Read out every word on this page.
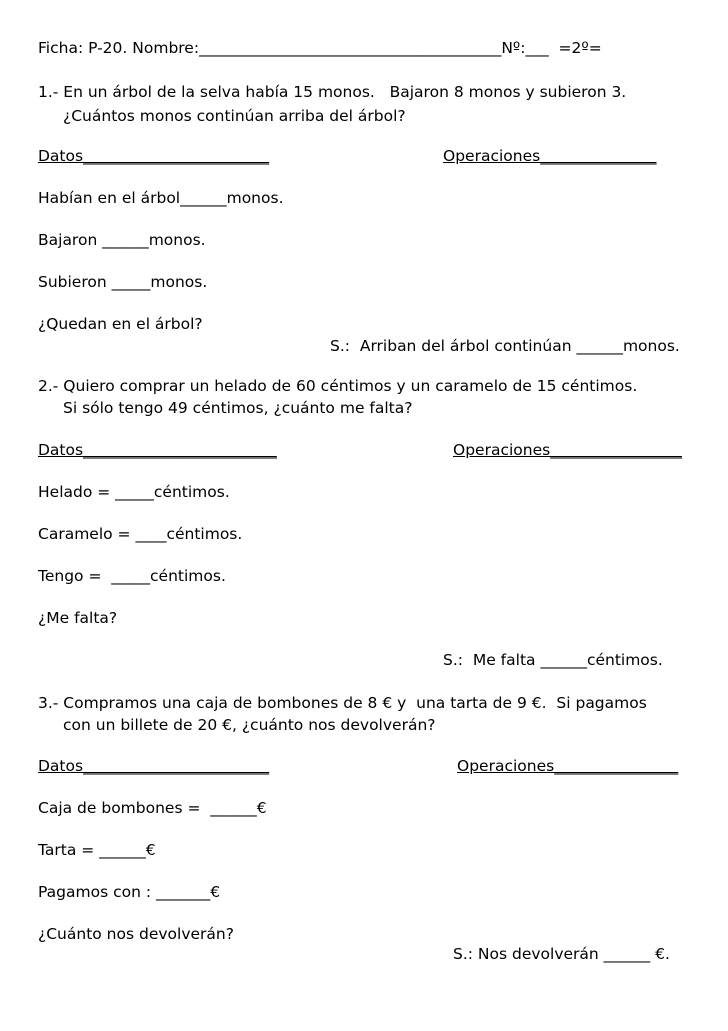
Ficha: P-20. Nombre:_______________________________________Nº:___  =2º=
1.- En un árbol de la selva había 15 monos.   Bajaron 8 monos y subieron 3.
¿Cuántos monos continúan arriba del árbol?
Datos________________________	Operaciones_______________
Habían en el árbol______monos.
Bajaron ______monos.
Subieron _____monos.
¿Quedan en el árbol?
S.:  Arriban del árbol continúan ______monos.
2.- Quiero comprar un helado de 60 céntimos y un caramelo de 15 céntimos.
Si sólo tengo 49 céntimos, ¿cuánto me falta?
Datos_________________________	Operaciones_________________
Helado = _____céntimos.
Caramelo = ____céntimos.
Tengo =  _____céntimos.
¿Me falta?
S.:  Me falta ______céntimos.
3.- Compramos una caja de bombones de 8 € y  una tarta de 9 €.  Si pagamos
con un billete de 20 €, ¿cuánto nos devolverán?
Datos________________________	Operaciones________________
Caja de bombones =  ______€
Tarta = ______€
Pagamos con : _______€
¿Cuánto nos devolverán?
S.: Nos devolverán ______ €.
